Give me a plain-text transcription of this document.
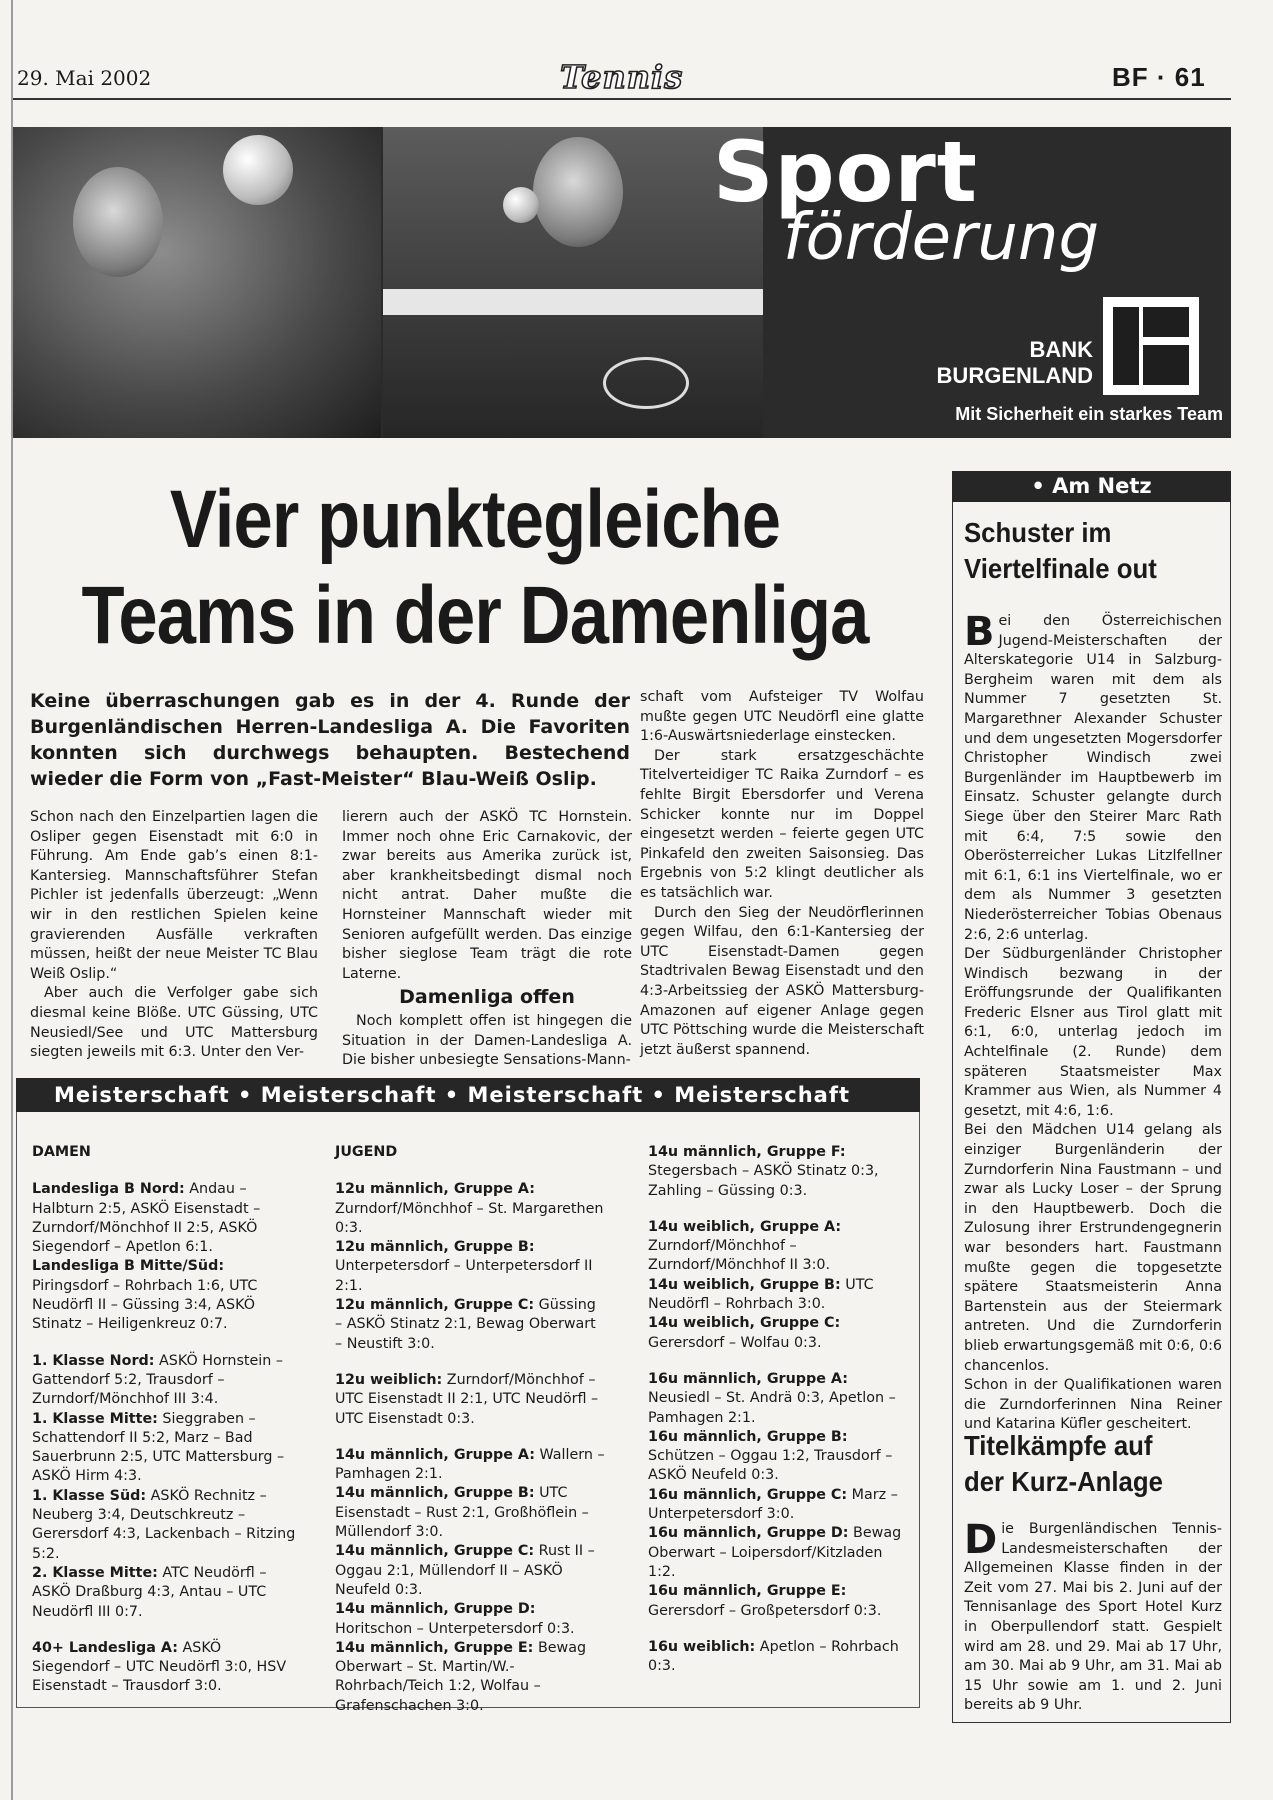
29. Mai 2002	Tennis	BF · 61
Sport
förderung
BANK
BURGENLAND
Mit Sicherheit ein starkes Team
Vier punktegleiche
Teams in der Damenliga
Keine überraschungen gab es in der 4. Runde der Burgenländischen Herren-Landesliga A. Die Favoriten konnten sich durchwegs behaupten. Bestechend wieder die Form von „Fast-Meister“ Blau-Weiß Oslip.

Schon nach den Einzelpartien lagen die Osliper gegen Eisenstadt mit 6:0 in Führung. Am Ende gab’s einen 8:1-Kantersieg. Mannschaftsführer Stefan Pichler ist jedenfalls überzeugt: „Wenn wir in den restlichen Spielen keine gravierenden Ausfälle verkraften müssen, heißt der neue Meister TC Blau Weiß Oslip.“

Aber auch die Verfolger gabe sich diesmal keine Blöße. UTC Güssing, UTC Neusiedl/See und UTC Mattersburg siegten jeweils mit 6:3. Unter den Ver-

lierern auch der ASKÖ TC Hornstein. Immer noch ohne Eric Carnakovic, der zwar bereits aus Amerika zurück ist, aber krankheitsbedingt dismal noch nicht antrat. Daher mußte die Hornsteiner Mannschaft wieder mit Senioren aufgefüllt werden. Das einzige bisher sieglose Team trägt die rote Laterne.

Damenliga offen

Noch komplett offen ist hingegen die Situation in der Damen-Landesliga A. Die bisher unbesiegte Sensations-Mann-

schaft vom Aufsteiger TV Wolfau mußte gegen UTC Neudörfl eine glatte 1:6-Auswärtsniederlage einstecken.

Der stark ersatzgeschächte Titelverteidiger TC Raika Zurndorf – es fehlte Birgit Ebersdorfer und Verena Schicker konnte nur im Doppel eingesetzt werden – feierte gegen UTC Pinkafeld den zweiten Saisonsieg. Das Ergebnis von 5:2 klingt deutlicher als es tatsächlich war.

Durch den Sieg der Neudörflerinnen gegen Wilfau, den 6:1-Kantersieg der UTC Eisenstadt-Damen gegen Stadtrivalen Bewag Eisenstadt und den 4:3-Arbeitssieg der ASKÖ Mattersburg-Amazonen auf eigener Anlage gegen UTC Pöttsching wurde die Meisterschaft jetzt äußerst spannend.

Meisterschaft • Meisterschaft • Meisterschaft • Meisterschaft
DAMEN
Landesliga B Nord: Andau – Halbturn 2:5, ASKÖ Eisenstadt – Zurndorf/Mönchhof II 2:5, ASKÖ Siegendorf – Apetlon 6:1.
Landesliga B Mitte/Süd: Piringsdorf – Rohrbach 1:6, UTC Neudörfl II – Güssing 3:4, ASKÖ Stinatz – Heiligenkreuz 0:7.
1. Klasse Nord: ASKÖ Hornstein – Gattendorf 5:2, Trausdorf – Zurndorf/Mönchhof III 3:4.
1. Klasse Mitte: Sieggraben – Schattendorf II 5:2, Marz – Bad Sauerbrunn 2:5, UTC Mattersburg – ASKÖ Hirm 4:3.
1. Klasse Süd: ASKÖ Rechnitz – Neuberg 3:4, Deutschkreutz – Gerersdorf 4:3, Lackenbach – Ritzing 5:2.
2. Klasse Mitte: ATC Neudörfl – ASKÖ Draßburg 4:3, Antau – UTC Neudörfl III 0:7.
40+ Landesliga A: ASKÖ Siegendorf – UTC Neudörfl 3:0, HSV Eisenstadt – Trausdorf 3:0.
JUGEND
12u männlich, Gruppe A: Zurndorf/Mönchhof – St. Margarethen 0:3.
12u männlich, Gruppe B: Unterpetersdorf – Unterpetersdorf II 2:1.
12u männlich, Gruppe C: Güssing – ASKÖ Stinatz 2:1, Bewag Oberwart – Neustift 3:0.
12u weiblich: Zurndorf/Mönchhof – UTC Eisenstadt II 2:1, UTC Neudörfl – UTC Eisenstadt 0:3.
14u männlich, Gruppe A: Wallern – Pamhagen 2:1.
14u männlich, Gruppe B: UTC Eisenstadt – Rust 2:1, Großhöflein – Müllendorf 3:0.
14u männlich, Gruppe C: Rust II – Oggau 2:1, Müllendorf II – ASKÖ Neufeld 0:3.
14u männlich, Gruppe D: Horitschon – Unterpetersdorf 0:3.
14u männlich, Gruppe E: Bewag Oberwart – St. Martin/W.-Rohrbach/Teich 1:2, Wolfau – Grafenschachen 3:0.
14u männlich, Gruppe F: Stegersbach – ASKÖ Stinatz 0:3, Zahling – Güssing 0:3.
14u weiblich, Gruppe A: Zurndorf/Mönchhof – Zurndorf/Mönchhof II 3:0.
14u weiblich, Gruppe B: UTC Neudörfl – Rohrbach 3:0.
14u weiblich, Gruppe C: Gerersdorf – Wolfau 0:3.
16u männlich, Gruppe A: Neusiedl – St. Andrä 0:3, Apetlon – Pamhagen 2:1.
16u männlich, Gruppe B: Schützen – Oggau 1:2, Trausdorf – ASKÖ Neufeld 0:3.
16u männlich, Gruppe C: Marz – Unterpetersdorf 3:0.
16u männlich, Gruppe D: Bewag Oberwart – Loipersdorf/Kitzladen 1:2.
16u männlich, Gruppe E: Gerersdorf – Großpetersdorf 0:3.
16u weiblich: Apetlon – Rohrbach 0:3.
• Am Netz
Schuster im
Viertelfinale out

Bei den Österreichischen Jugend-Meisterschaften der Alterskategorie U14 in Salzburg-Bergheim waren mit dem als Nummer 7 gesetzten St. Margarethner Alexander Schuster und dem ungesetzten Mogersdorfer Christopher Windisch zwei Burgenländer im Hauptbewerb im Einsatz. Schuster gelangte durch Siege über den Steirer Marc Rath mit 6:4, 7:5 sowie den Oberösterreicher Lukas Litzlfellner mit 6:1, 6:1 ins Viertelfinale, wo er dem als Nummer 3 gesetzten Niederösterreicher Tobias Obenaus 2:6, 2:6 unterlag.

Der Südburgenländer Christopher Windisch bezwang in der Eröffungsrunde der Qualifikanten Frederic Elsner aus Tirol glatt mit 6:1, 6:0, unterlag jedoch im Achtelfinale (2. Runde) dem späteren Staatsmeister Max Krammer aus Wien, als Nummer 4 gesetzt, mit 4:6, 1:6.

Bei den Mädchen U14 gelang als einziger Burgenländerin der Zurndorferin Nina Faustmann – und zwar als Lucky Loser – der Sprung in den Hauptbewerb. Doch die Zulosung ihrer Erstrundengegnerin war besonders hart. Faustmann mußte gegen die topgesetzte spätere Staatsmeisterin Anna Bartenstein aus der Steiermark antreten. Und die Zurndorferin blieb erwartungsgemäß mit 0:6, 0:6 chancenlos.

Schon in der Qualifikationen waren die Zurndorferinnen Nina Reiner und Katarina Küfler gescheitert.

Titelkämpfe auf
der Kurz-Anlage

Die Burgenländischen Tennis-Landesmeisterschaften der Allgemeinen Klasse finden in der Zeit vom 27. Mai bis 2. Juni auf der Tennisanlage des Sport Hotel Kurz in Oberpullendorf statt. Gespielt wird am 28. und 29. Mai ab 17 Uhr, am 30. Mai ab 9 Uhr, am 31. Mai ab 15 Uhr sowie am 1. und 2. Juni bereits ab 9 Uhr.
